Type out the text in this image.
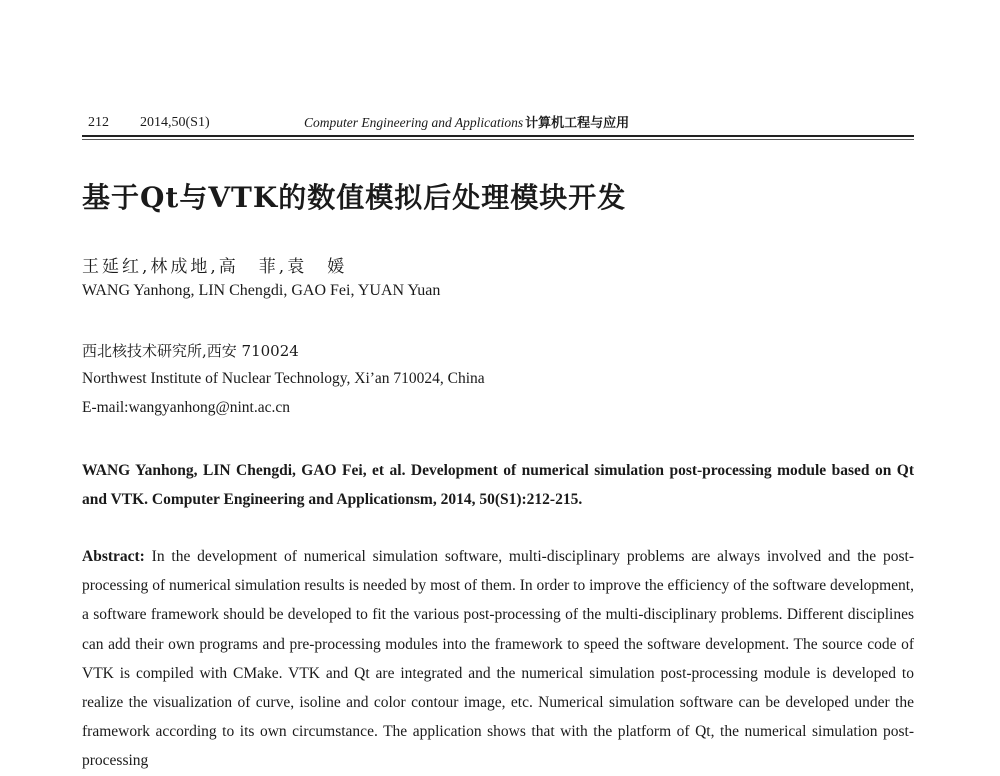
212 2014,50(S1)	Computer Engineering and Applications 计算机工程与应用
基于Qt与VTK的数值模拟后处理模块开发
王延红,林成地,高　菲,袁　媛
WANG Yanhong, LIN Chengdi, GAO Fei, YUAN Yuan
西北核技术研究所,西安 710024
Northwest Institute of Nuclear Technology, Xi’an 710024, China
E-mail:wangyanhong@nint.ac.cn
WANG Yanhong, LIN Chengdi, GAO Fei, et al. Development of numerical simulation post-processing module based on Qt and VTK. Computer Engineering and Applicationsm, 2014, 50(S1):212-215.
Abstract: In the development of numerical simulation software, multi-disciplinary problems are always involved and the post-processing of numerical simulation results is needed by most of them. In order to improve the efficiency of the software development, a software framework should be developed to fit the various post-processing of the multi-disciplinary problems. Different disciplines can add their own programs and pre-processing modules into the framework to speed the software development. The source code of VTK is compiled with CMake. VTK and Qt are integrated and the numerical simulation post-processing module is developed to realize the visualization of curve, isoline and color contour image, etc. Numerical simulation software can be developed under the framework according to its own circumstance. The application shows that with the platform of Qt, the numerical simulation post-processing
